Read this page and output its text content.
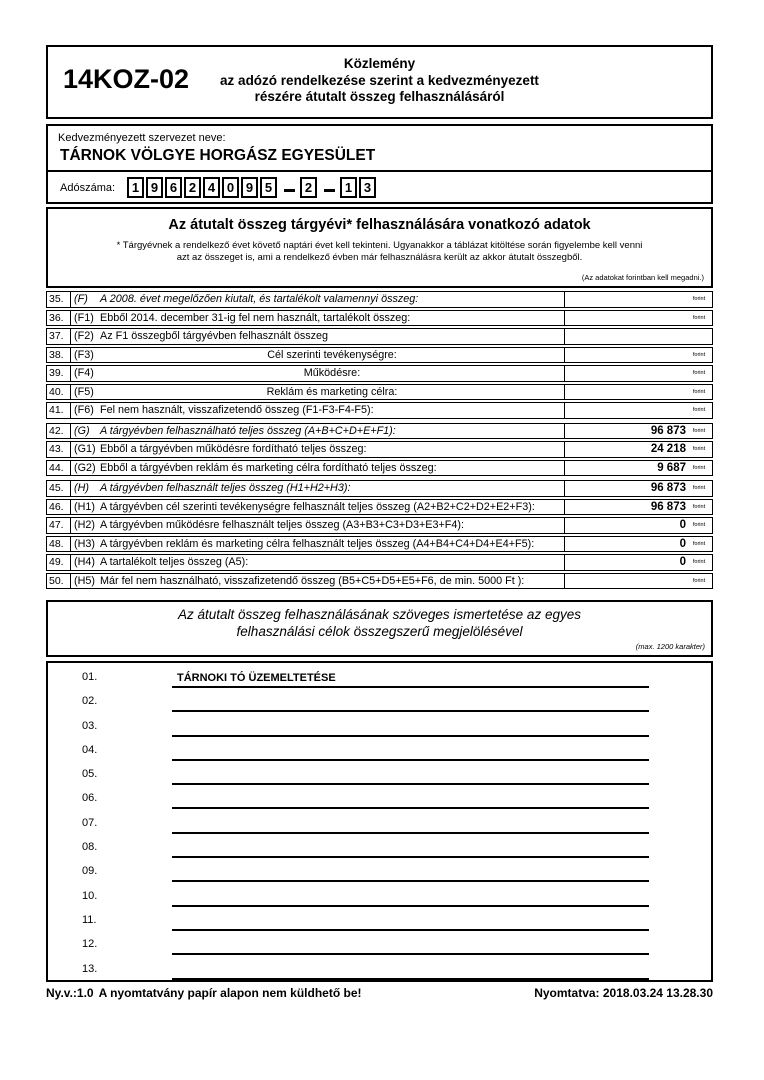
14KOZ-02
Közlemény
az adózó rendelkezése szerint a kedvezményezett
részére átutalt összeg felhasználásáról
Kedvezményezett szervezet neve:
TÁRNOK VÖLGYE HORGÁSZ EGYESÜLET
Adószáma:	1 9 6 2 4 0 9 5	2	1 3
Az átutalt összeg tárgyévi* felhasználására vonatkozó adatok
* Tárgyévnek a rendelkező évet követő naptári évet kell tekinteni. Ugyanakkor a táblázat kitöltése során figyelembe kell venni
azt az összeget is, ami a rendelkező évben már felhasználásra került az akkor átutalt összegből.
(Az adatokat forintban kell megadni.)
35. (F)	A 2008. évet megelőzően kiutalt, és tartalékolt valamennyi összeg:	forint
36. (F1) Ebből 2014. december 31-ig fel nem használt, tartalékolt összeg:	forint
37. (F2) Az F1 összegből tárgyévben felhasznált összeg
38. (F3)	Cél szerinti tevékenységre:	forint
39. (F4)	Működésre:	forint
40. (F5)	Reklám és marketing célra:	forint
41. (F6) Fel nem használt, visszafizetendő összeg (F1-F3-F4-F5):	forint
42. (G) A tárgyévben felhasználható teljes összeg (A+B+C+D+E+F1):	96 873	forint
43. (G1) Ebből a tárgyévben működésre fordítható teljes összeg:	24 218	forint
44. (G2) Ebből a tárgyévben reklám és marketing célra fordítható teljes összeg:	9 687	forint
45. (H)	A tárgyévben felhasznált teljes összeg (H1+H2+H3):	96 873	forint
46. (H1) A tárgyévben cél szerinti tevékenységre felhasznált teljes összeg (A2+B2+C2+D2+E2+F3):	96 873	forint
47. (H2) A tárgyévben működésre felhasznált teljes összeg (A3+B3+C3+D3+E3+F4):	0	forint
48. (H3) A tárgyévben reklám és marketing célra felhasznált teljes összeg (A4+B4+C4+D4+E4+F5):	0	forint
49. (H4) A tartalékolt teljes összeg (A5):	0	forint
50. (H5) Már fel nem használható, visszafizetendő összeg (B5+C5+D5+E5+F6, de min. 5000 Ft ):	forint
Az átutalt összeg felhasználásának szöveges ismertetése az egyes
felhasználási célok összegszerű megjelölésével
(max. 1200 karakter)
01.	TÁRNOKI TÓ ÜZEMELTETÉSE
02.
03.
04.
05.
06.
07.
08.
09.
10.
11.
12.
13.
Ny.v.:1.0 A nyomtatvány papír alapon nem küldhető be!	Nyomtatva: 2018.03.24 13.28.30
